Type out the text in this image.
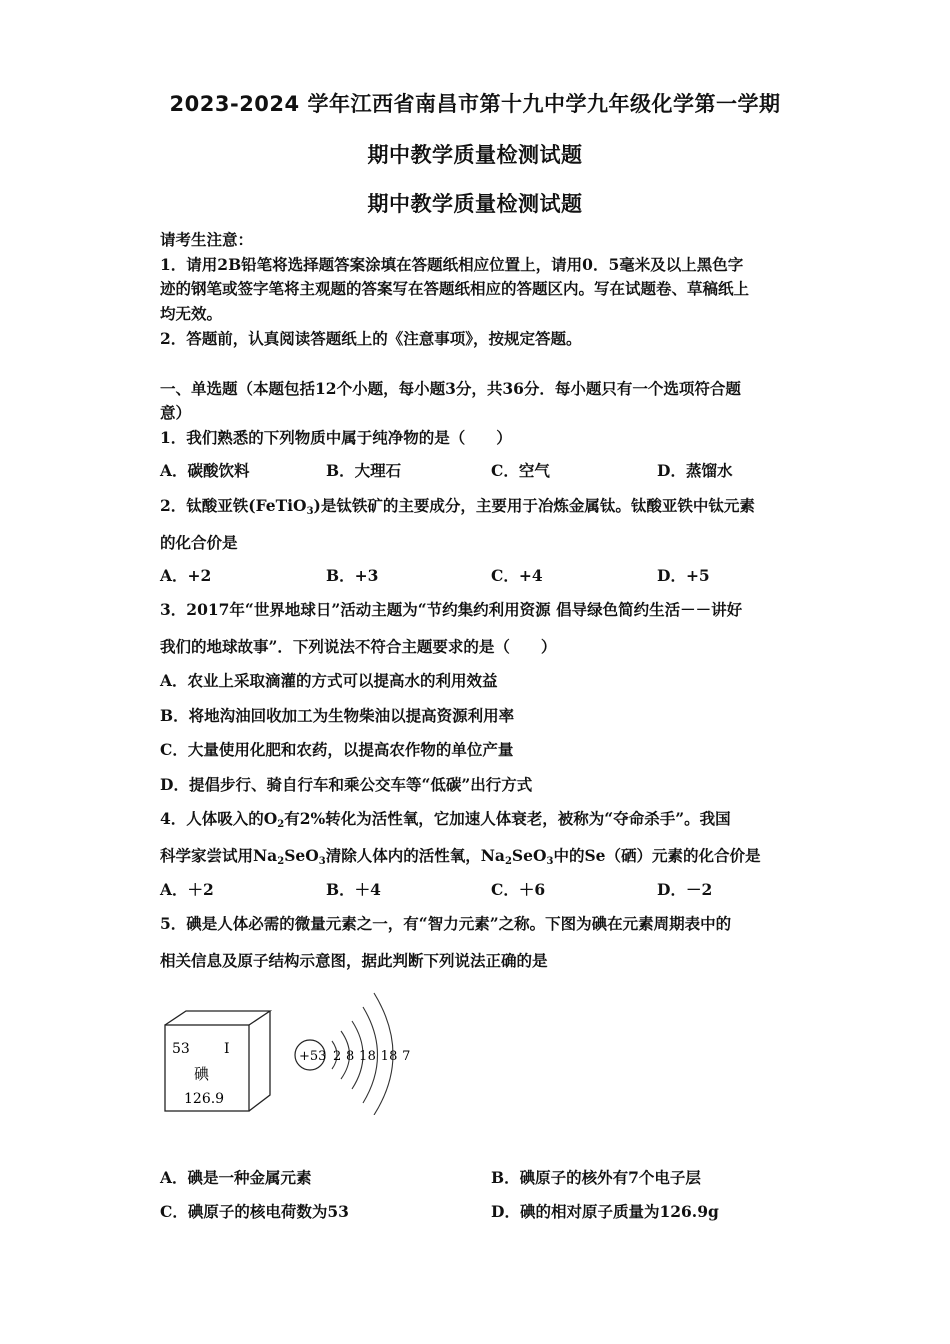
2023-2024 学年江西省南昌市第十九中学九年级化学第一学期
期中教学质量检测试题
期中教学质量检测试题
请考生注意：
1．请用2B铅笔将选择题答案涂填在答题纸相应位置上，请用0．5毫米及以上黑色字
迹的钢笔或签字笔将主观题的答案写在答题纸相应的答题区内。写在试题卷、草稿纸上
均无效。
2．答题前，认真阅读答题纸上的《注意事项》，按规定答题。
一、单选题（本题包括12个小题，每小题3分，共36分．每小题只有一个选项符合题
意）
1．我们熟悉的下列物质中属于纯净物的是（　　）
A．碳酸饮料	B．大理石	C．空气	D．蒸馏水
2．钛酸亚铁(FeTiO$_3$)是钛铁矿的主要成分，主要用于冶炼金属钛。钛酸亚铁中钛元素
的化合价是
A．+2	B．+3	C．+4	D．+5
3．2017年“世界地球日”活动主题为“节约集约利用资源 倡导绿色简约生活－－讲好
我们的地球故事”．下列说法不符合主题要求的是（　　）
A．农业上采取滴灌的方式可以提高水的利用效益
B．将地沟油回收加工为生物柴油以提高资源利用率
C．大量使用化肥和农药，以提高农作物的单位产量
D．提倡步行、骑自行车和乘公交车等“低碳”出行方式
4．人体吸入的$O_2$有2%转化为活性氧，它加速人体衰老，被称为“夺命杀手”。我国
科学家尝试用$Na_2SeO_3$清除人体内的活性氧，$Na_2SeO_3$中的Se（硒）元素的化合价是
A．＋2	B．＋4	C．＋6	D．－2
5．碘是人体必需的微量元素之一，有“智力元素”之称。下图为碘在元素周期表中的
相关信息及原子结构示意图，据此判断下列说法正确的是
53 I
碘
126.9
+53 2 8 18 18 7
A．碘是一种金属元素	B．碘原子的核外有7个电子层
C．碘原子的核电荷数为53	D．碘的相对原子质量为126.9g
